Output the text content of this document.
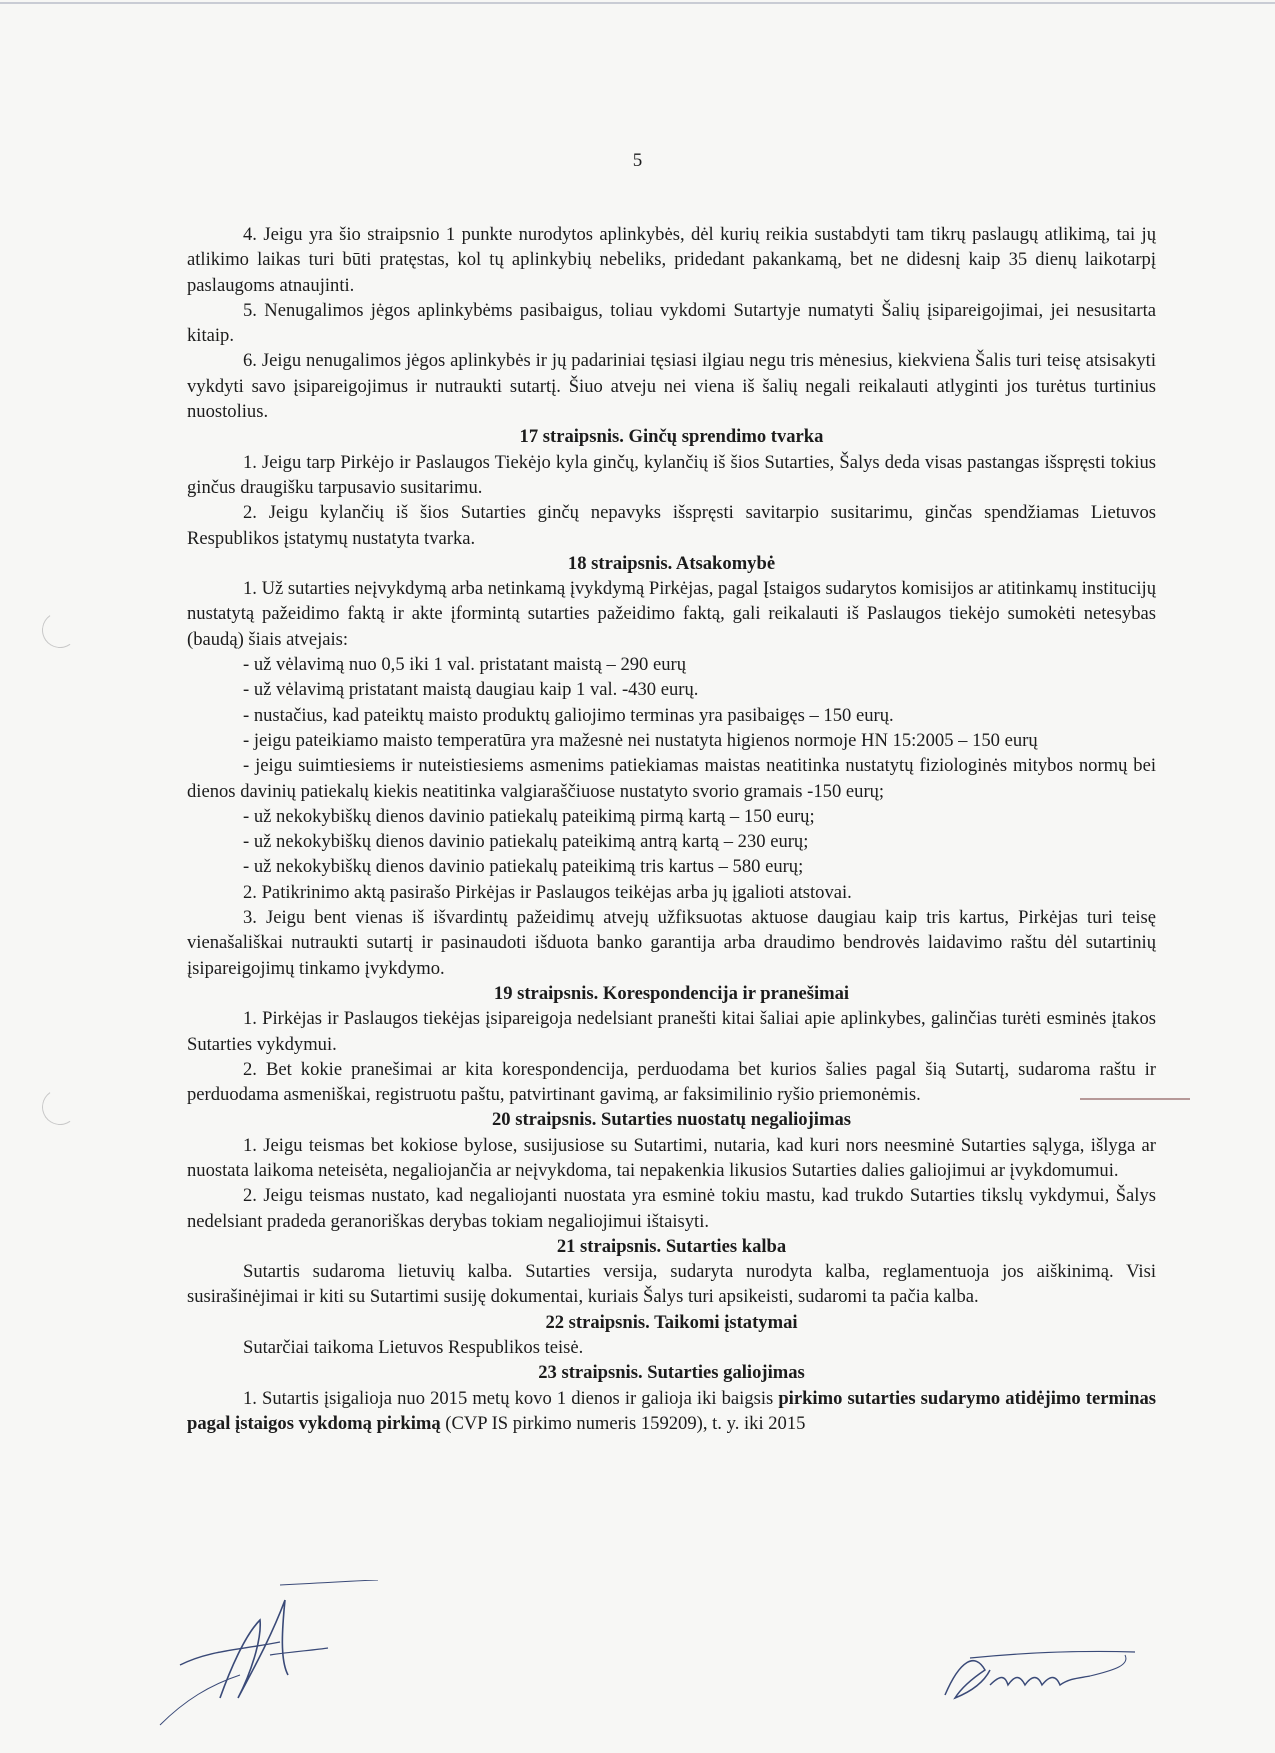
5

4. Jeigu yra šio straipsnio 1 punkte nurodytos aplinkybės, dėl kurių reikia sustabdyti tam tikrų paslaugų atlikimą, tai jų atlikimo laikas turi būti pratęstas, kol tų aplinkybių nebeliks, pridedant pakankamą, bet ne didesnį kaip 35 dienų laikotarpį paslaugoms atnaujinti.

5. Nenugalimos jėgos aplinkybėms pasibaigus, toliau vykdomi Sutartyje numatyti Šalių įsipareigojimai, jei nesusitarta kitaip.

6. Jeigu nenugalimos jėgos aplinkybės ir jų padariniai tęsiasi ilgiau negu tris mėnesius, kiekviena Šalis turi teisę atsisakyti vykdyti savo įsipareigojimus ir nutraukti sutartį. Šiuo atveju nei viena iš šalių negali reikalauti atlyginti jos turėtus turtinius nuostolius.

17 straipsnis. Ginčų sprendimo tvarka

1. Jeigu tarp Pirkėjo ir Paslaugos Tiekėjo kyla ginčų, kylančių iš šios Sutarties, Šalys deda visas pastangas išspręsti tokius ginčus draugišku tarpusavio susitarimu.

2. Jeigu kylančių iš šios Sutarties ginčų nepavyks išspręsti savitarpio susitarimu, ginčas spendžiamas Lietuvos Respublikos įstatymų nustatyta tvarka.

18 straipsnis. Atsakomybė

1. Už sutarties neįvykdymą arba netinkamą įvykdymą Pirkėjas, pagal Įstaigos sudarytos komisijos ar atitinkamų institucijų nustatytą pažeidimo faktą ir akte įformintą sutarties pažeidimo faktą, gali reikalauti iš Paslaugos tiekėjo sumokėti netesybas (baudą) šiais atvejais:

- už vėlavimą nuo 0,5 iki 1 val. pristatant maistą – 290 eurų

- už vėlavimą pristatant maistą daugiau kaip 1 val. -430 eurų.

- nustačius, kad pateiktų maisto produktų galiojimo terminas yra pasibaigęs – 150 eurų.

- jeigu pateikiamo maisto temperatūra yra mažesnė nei nustatyta higienos normoje HN 15:2005 – 150 eurų

- jeigu suimtiesiems ir nuteistiesiems asmenims patiekiamas maistas neatitinka nustatytų fiziologinės mitybos normų bei dienos davinių patiekalų kiekis neatitinka valgiaraščiuose nustatyto svorio gramais -150 eurų;

- už nekokybiškų dienos davinio patiekalų pateikimą pirmą kartą – 150 eurų;

- už nekokybiškų dienos davinio patiekalų pateikimą antrą kartą – 230 eurų;

- už nekokybiškų dienos davinio patiekalų pateikimą tris kartus – 580 eurų;

2. Patikrinimo aktą pasirašo Pirkėjas ir Paslaugos teikėjas arba jų įgalioti atstovai.

3. Jeigu bent vienas iš išvardintų pažeidimų atvejų užfiksuotas aktuose daugiau kaip tris kartus, Pirkėjas turi teisę vienašališkai nutraukti sutartį ir pasinaudoti išduota banko garantija arba draudimo bendrovės laidavimo raštu dėl sutartinių įsipareigojimų tinkamo įvykdymo.

19 straipsnis. Korespondencija ir pranešimai

1. Pirkėjas ir Paslaugos tiekėjas įsipareigoja nedelsiant pranešti kitai šaliai apie aplinkybes, galinčias turėti esminės įtakos Sutarties vykdymui.

2. Bet kokie pranešimai ar kita korespondencija, perduodama bet kurios šalies pagal šią Sutartį, sudaroma raštu ir perduodama asmeniškai, registruotu paštu, patvirtinant gavimą, ar faksimilinio ryšio priemonėmis.

20 straipsnis. Sutarties nuostatų negaliojimas

1. Jeigu teismas bet kokiose bylose, susijusiose su Sutartimi, nutaria, kad kuri nors neesminė Sutarties sąlyga, išlyga ar nuostata laikoma neteisėta, negaliojančia ar neįvykdoma, tai nepakenkia likusios Sutarties dalies galiojimui ar įvykdomumui.

2. Jeigu teismas nustato, kad negaliojanti nuostata yra esminė tokiu mastu, kad trukdo Sutarties tikslų vykdymui, Šalys nedelsiant pradeda geranoriškas derybas tokiam negaliojimui ištaisyti.

21 straipsnis. Sutarties kalba

Sutartis sudaroma lietuvių kalba. Sutarties versija, sudaryta nurodyta kalba, reglamentuoja jos aiškinimą. Visi susirašinėjimai ir kiti su Sutartimi susiję dokumentai, kuriais Šalys turi apsikeisti, sudaromi ta pačia kalba.

22 straipsnis. Taikomi įstatymai

Sutarčiai taikoma Lietuvos Respublikos teisė.

23 straipsnis. Sutarties galiojimas

1. Sutartis įsigalioja nuo 2015 metų kovo 1 dienos ir galioja iki baigsis pirkimo sutarties sudarymo atidėjimo terminas pagal įstaigos vykdomą pirkimą (CVP IS pirkimo numeris 159209), t. y. iki 2015
